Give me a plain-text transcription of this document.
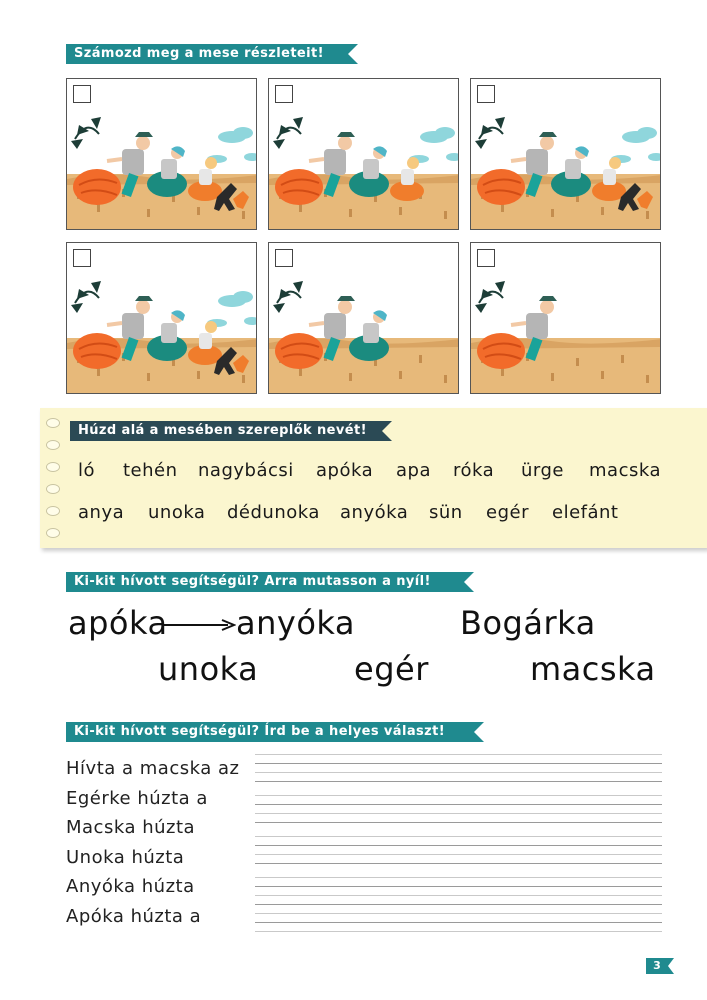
Számozd meg a mese részleteit!
Húzd alá a mesében szereplők nevét!
ló	tehén	nagybácsi	apóka	apa	róka	ürge	macska
anya	unoka	dédunoka	anyóka	sün	egér	elefánt
Ki-kit hívott segítségül? Arra mutasson a nyíl!
apóka anyóka	Bogárka
unoka	egér	macska
Ki-kit hívott segítségül? Írd be a helyes választ!
Hívta a macska az
Egérke húzta a
Macska húzta
Unoka húzta
Anyóka húzta
Apóka húzta a
3
